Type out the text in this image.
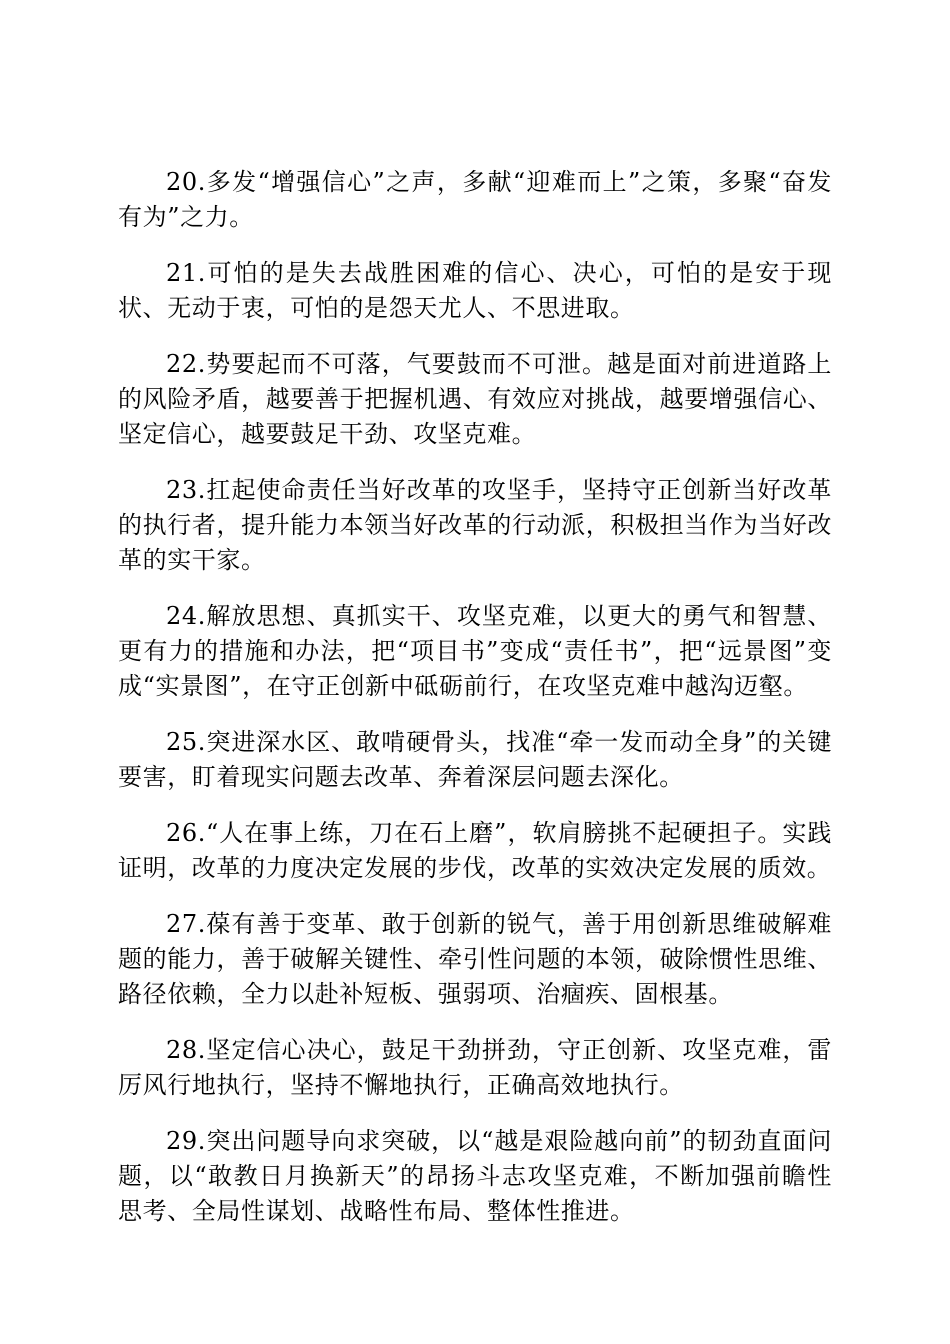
20.多发“增强信心”之声，多献“迎难而上”之策，多聚“奋发有为”之力。

21.可怕的是失去战胜困难的信心、决心，可怕的是安于现状、无动于衷，可怕的是怨天尤人、不思进取。

22.势要起而不可落，气要鼓而不可泄。越是面对前进道路上的风险矛盾，越要善于把握机遇、有效应对挑战，越要增强信心、坚定信心，越要鼓足干劲、攻坚克难。

23.扛起使命责任当好改革的攻坚手，坚持守正创新当好改革的执行者，提升能力本领当好改革的行动派，积极担当作为当好改革的实干家。

24.解放思想、真抓实干、攻坚克难，以更大的勇气和智慧、更有力的措施和办法，把“项目书”变成“责任书”，把“远景图”变成“实景图”，在守正创新中砥砺前行，在攻坚克难中越沟迈壑。

25.突进深水区、敢啃硬骨头，找准“牵一发而动全身”的关键要害，盯着现实问题去改革、奔着深层问题去深化。

26.“人在事上练，刀在石上磨”，软肩膀挑不起硬担子。实践证明，改革的力度决定发展的步伐，改革的实效决定发展的质效。

27.葆有善于变革、敢于创新的锐气，善于用创新思维破解难题的能力，善于破解关键性、牵引性问题的本领，破除惯性思维、路径依赖，全力以赴补短板、强弱项、治痼疾、固根基。

28.坚定信心决心，鼓足干劲拼劲，守正创新、攻坚克难，雷厉风行地执行，坚持不懈地执行，正确高效地执行。

29.突出问题导向求突破，以“越是艰险越向前”的韧劲直面问题，以“敢教日月换新天”的昂扬斗志攻坚克难，不断加强前瞻性思考、全局性谋划、战略性布局、整体性推进。
